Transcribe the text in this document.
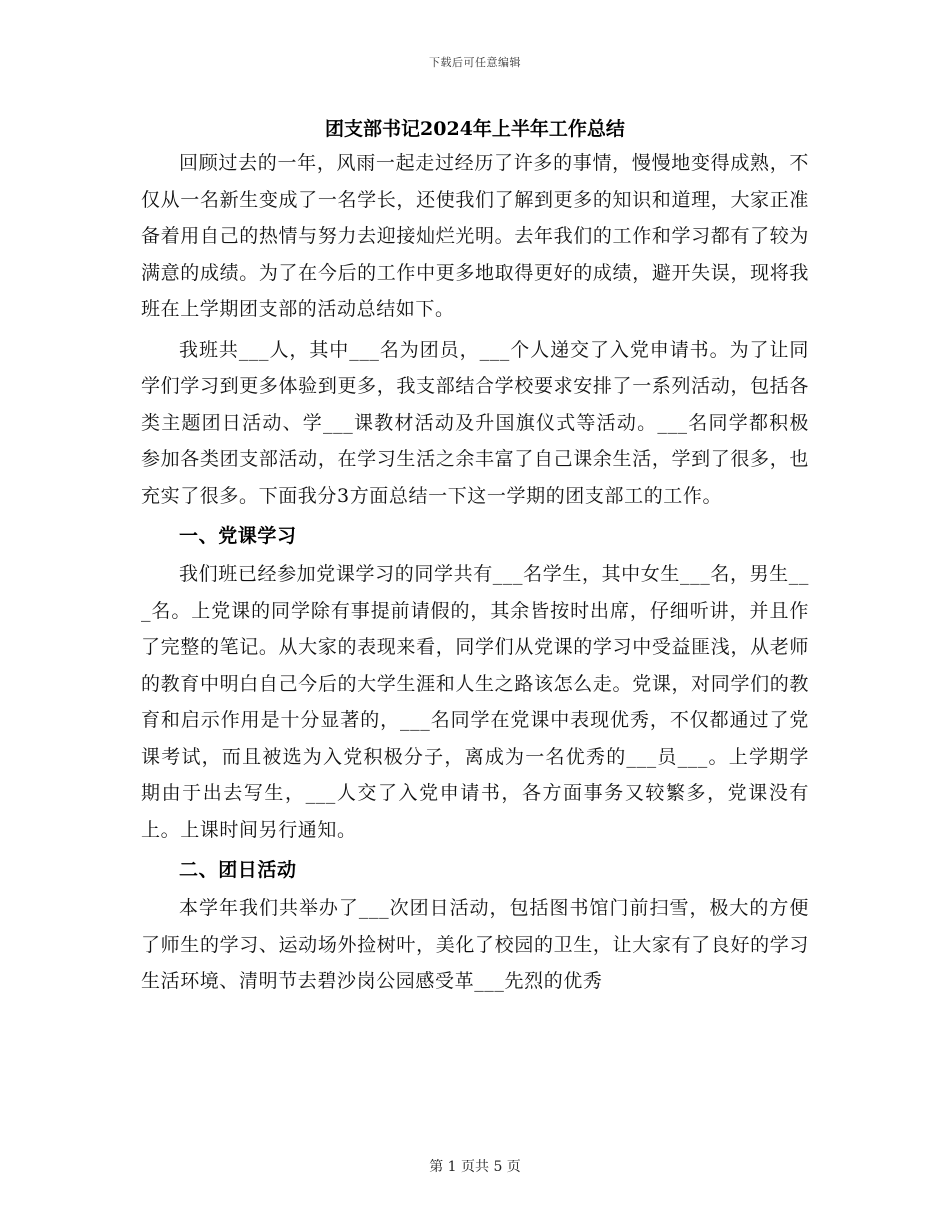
下载后可任意编辑
团支部书记2024年上半年工作总结

回顾过去的一年，风雨一起走过经历了许多的事情，慢慢地变得成熟，不仅从一名新生变成了一名学长，还使我们了解到更多的知识和道理，大家正准备着用自己的热情与努力去迎接灿烂光明。去年我们的工作和学习都有了较为满意的成绩。为了在今后的工作中更多地取得更好的成绩，避开失误，现将我班在上学期团支部的活动总结如下。

我班共___人，其中___名为团员，___个人递交了入党申请书。为了让同学们学习到更多体验到更多，我支部结合学校要求安排了一系列活动，包括各类主题团日活动、学___课教材活动及升国旗仪式等活动。___名同学都积极参加各类团支部活动，在学习生活之余丰富了自己课余生活，学到了很多，也充实了很多。下面我分3方面总结一下这一学期的团支部工的工作。

一、党课学习

我们班已经参加党课学习的同学共有___名学生，其中女生___名，男生___名。上党课的同学除有事提前请假的，其余皆按时出席，仔细听讲，并且作了完整的笔记。从大家的表现来看，同学们从党课的学习中受益匪浅，从老师的教育中明白自己今后的大学生涯和人生之路该怎么走。党课，对同学们的教育和启示作用是十分显著的，___名同学在党课中表现优秀，不仅都通过了党课考试，而且被选为入党积极分子，离成为一名优秀的___员___。上学期学期由于出去写生，___人交了入党申请书，各方面事务又较繁多，党课没有上。上课时间另行通知。

二、团日活动

本学年我们共举办了___次团日活动，包括图书馆门前扫雪，极大的方便了师生的学习、运动场外捡树叶，美化了校园的卫生，让大家有了良好的学习生活环境、清明节去碧沙岗公园感受革___先烈的优秀

第 1 页共 5 页
